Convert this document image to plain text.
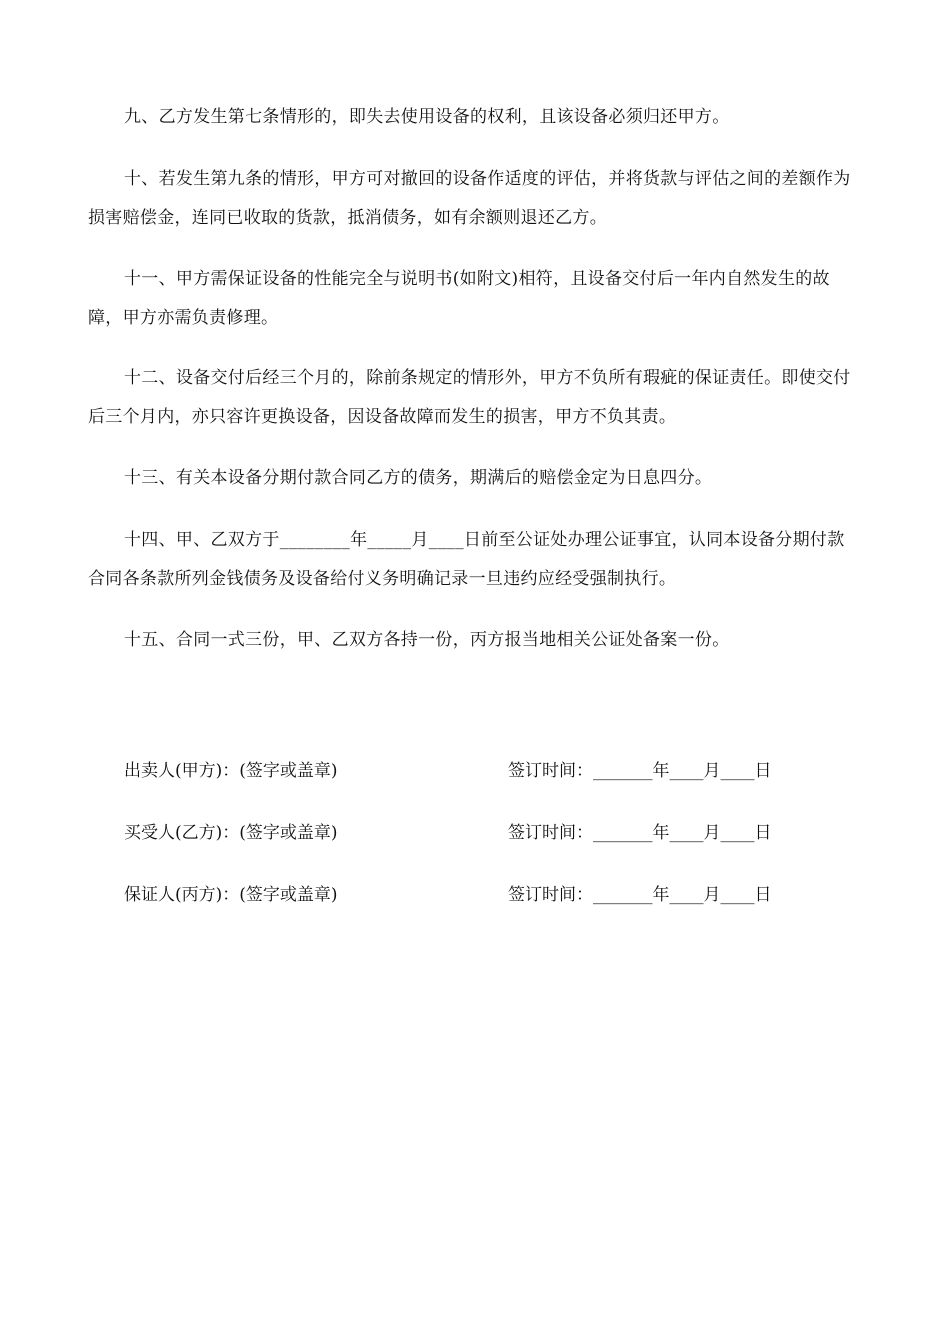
九、乙方发生第七条情形的，即失去使用设备的权利，且该设备必须归还甲方。

十、若发生第九条的情形，甲方可对撤回的设备作适度的评估，并将货款与评估之间的差额作为损害赔偿金，连同已收取的货款，抵消债务，如有余额则退还乙方。

十一、甲方需保证设备的性能完全与说明书(如附文)相符，且设备交付后一年内自然发生的故障，甲方亦需负责修理。

十二、设备交付后经三个月的，除前条规定的情形外，甲方不负所有瑕疵的保证责任。即使交付后三个月内，亦只容许更换设备，因设备故障而发生的损害，甲方不负其责。

十三、有关本设备分期付款合同乙方的债务，期满后的赔偿金定为日息四分。

十四、甲、乙双方于________年_____月____日前至公证处办理公证事宜，认同本设备分期付款合同各条款所列金钱债务及设备给付义务明确记录一旦违约应经受强制执行。

十五、合同一式三份，甲、乙双方各持一份，丙方报当地相关公证处备案一份。

出卖人(甲方)：(签字或盖章)	签订时间：_______年____月____日
买受人(乙方)：(签字或盖章)	签订时间：_______年____月____日
保证人(丙方)：(签字或盖章)	签订时间：_______年____月____日
